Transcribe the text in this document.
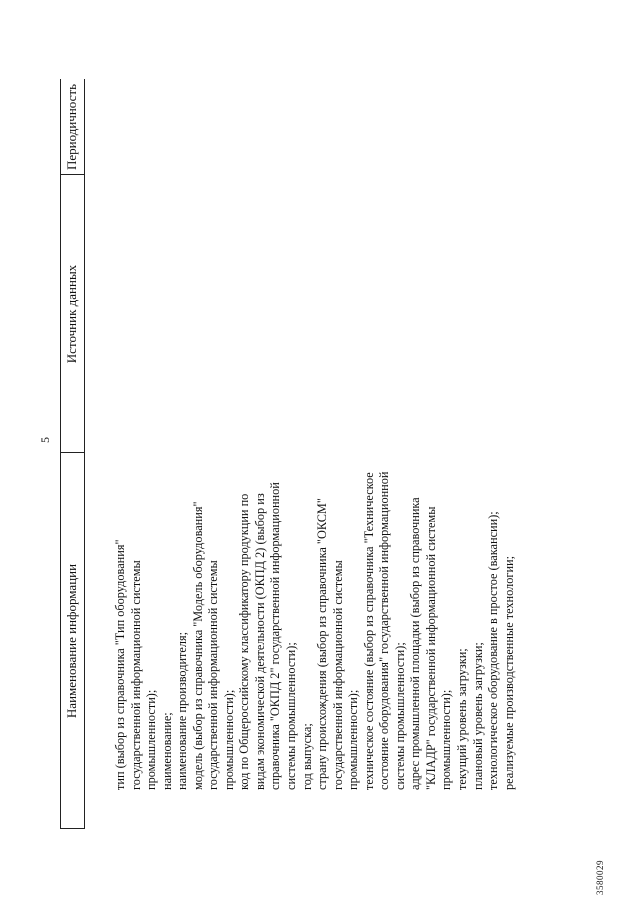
5
Наименование информации
Источник данных
Периодичность
тип (выбор из справочника "Тип оборудования" государственной информационной системы промышленности); наименование; наименование производителя; модель (выбор из справочника "Модель оборудования" государственной информационной системы промышленности); код по Общероссийскому классификатору продукции по видам экономической деятельности (ОКПД 2) (выбор из справочника "ОКПД 2" государственной информационной системы промышленности); год выпуска; страну происхождения (выбор из справочника "ОКСМ" государственной информационной системы промышленности); техническое состояние (выбор из справочника "Техническое состояние оборудования" государственной информационной системы промышленности); адрес промышленной площадки (выбор из справочника "КЛАДР" государственной информационной системы промышленности); текущий уровень загрузки; плановый уровень загрузки; технологическое оборудование в простое (вакансии); реализуемые производственные технологии;
3580029
